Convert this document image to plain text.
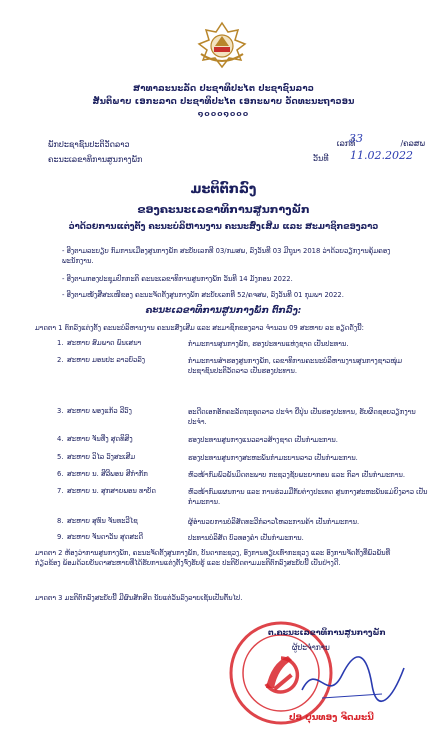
ສາທາລະນະລັດ ປະຊາທິປະໄຕ ປະຊາຊົນລາວ
ສັນຕິພາບ ເອກະລາດ ປະຊາທິປະໄຕ ເອກະພາບ ວັດທະນະຖາວອນ
໑໐໐໐໑໐໐໐
ພັກປະຊາຊົນປະຕິວັດລາວ
ຄະນະເລຂາທິການສູນກາງພັກ
ເລກທີ	/ຄລສພ
ວັນທີ
33
11.02.2022
ມະຕິຕົກລົງ
ຂອງຄະນະເລຂາທິການສູນກາງພັກ
ວ່າດ້ວຍການແຕ່ງຕັ້ງ ຄະນະບໍລິຫານງານ ຄະນະສົ່ງເສີມ ແລະ ສະມາຊິກຂອງລາວ
- ອີງຕາມລະບຽບ ກົມການເມືອງສູນກາງພັກ ສະບັບເລກທີ 03/ກມສພ, ລົງວັນທີ 03 ມີຖຸນາ 2018 ວ່າດ້ວຍວຽກງານຄຸ້ມຄອງພະນັກງານ.
- ອີງຕາມກອງປະຊຸມປົກກະຕິ ຄະນະເລຂາທິການສູນກາງພັກ ວັນທີ 14 ມັງກອນ 2022.
- ອີງຕາມໜັງສືສະເໜີຂອງ ຄະນະຈັດຕັ້ງສູນກາງພັກ ສະບັບເລກທີ 52/ຄຈສພ, ລົງວັນທີ 01 ກຸມພາ 2022.
ຄະນະເລຂາທິການສູນກາງພັກ ຕົກລົງ:
ມາດຕາ 1 ຕົກລົງແຕ່ງຕັ້ງ ຄະນະບໍລິຫານງານ ຄະນະສົ່ງເສີມ ແລະ ສະມາຊິກຂອງລາວ ຈຳນວນ 09 ສະຫາຍ ລະ ອຽດດັ່ງນີ້:
1. ສະຫາຍ ສົມພາດ ພົນເສນາ	ກຳມະການສູນກາງພັກ, ຮອງປະທານແຫ່ງຊາດ ເປັນປະທານ.
2. ສະຫາຍ ມອນປະ ລາວບົວລົງ	ກຳມະການສຳຮອງສູນກາງພັກ, ເລຂາທິການຄະນະບໍລິຫານງານສູນກາງຊາວໜຸ່ມປະຊາຊົນປະຕິວັດລາວ ເປັນຮອງປະທານ.
3. ສະຫາຍ ພອງແກ້ວ ລີວົງ	ອະດີດເອກອັກຄະລັດຖະທູດລາວ ປະຈຳ ຍີ່ປຸ່ນ ເປັນຮອງປະທານ, ຮັບຜິດຊອບວຽກງານປະຈຳ.
4. ສະຫາຍ ຈັນທີ່ງ ສຸດທິສິງ	ຮອງປະທານສູນກາງແນວລາວສ້າງຊາດ ເປັນກຳມະການ.
5. ສະຫາຍ ວິໄລ ວົງສະເສີມ	ຮອງປະທານສູນກາງສະຫະພັນກຳມະບານລາວ ເປັນກຳມະການ.
6. ສະຫາຍ ນ. ສີລີພອນ ສີກໍາກັກ	ຫົວໜ້າກົມພົວພັນມິດຕະພາບ ກະຊວງຊັບພະຍາກອນ ແລະ ກິລາ ເປັນກຳມະການ.
7. ສະຫາຍ ນ. ສຸກສາຍພອນ ທາບັດ	ຫົວໜ້າກົມແຜນການ ແລະ ການຮ່ວມມືກັບຕ່າງປະເທດ ສູນກາງສະຫະພັນແມ່ຍິງລາວ ເປັນກຳມະການ.
8. ສະຫາຍ ສຸທົນ ຈັນທະວີໄຊ	ຜູ້ອຳນວຍການບໍລິສັດທະວີກໍລາວໂຫລະການຄ້າ ເປັນກຳມະການ.
9. ສະຫາຍ ຈັນດາວັນ ສຸດສະດີ	ປະທານບໍລິສັດ ບົວທອງຄຳ ເປັນກຳມະການ.
ມາດຕາ 2 ຫ້ອງວ່າການສູນກາງພັກ, ຄະນະຈັດຕັ້ງສູນກາງພັກ, ບັນດາກະຊວງ, ອົງການທຽບເທົ່າກະຊວງ ແລະ ອົງການຈັດຕັ້ງທີ່ພົວພັນທີ່ກ່ຽວຂ້ອງ ພ້ອມດ້ວຍບັນດາສະຫາຍທີ່ໄດ້ຮັບການແຕ່ງຕັ້ງຈົ່ງຮັບຮູ້ ແລະ ປະຕິບັດຕາມມະຕິຕົກລົງສະບັບນີ້ ເປັນຢ່າງດີ.
ມາດຕາ 3 ມະຕິຕົກລົງສະບັບນີ້ ມີຜົນສັກສິດ ນັບແຕ່ວັນລົງລາຍເຊັນເປັນຕົ້ນໄປ.
ຕ.ຄະນະເລຂາທິການສູນກາງພັກ
ຜູ້ປະຈຳການ
ປອ ບຸນທອງ ຈິດມະນີ
